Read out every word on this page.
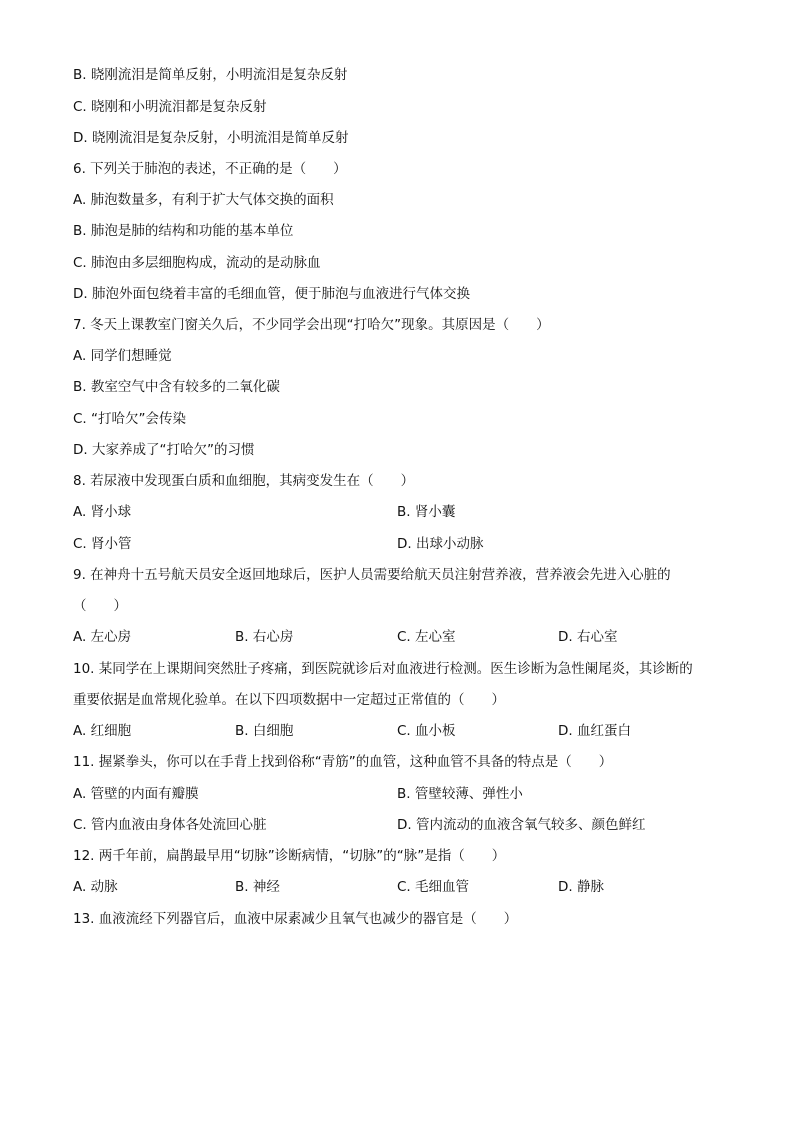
B. 晓刚流泪是简单反射，小明流泪是复杂反射
C. 晓刚和小明流泪都是复杂反射
D. 晓刚流泪是复杂反射，小明流泪是简单反射
6. 下列关于肺泡的表述，不正确的是（　　）
A. 肺泡数量多，有利于扩大气体交换的面积
B. 肺泡是肺的结构和功能的基本单位
C. 肺泡由多层细胞构成，流动的是动脉血
D. 肺泡外面包绕着丰富的毛细血管，便于肺泡与血液进行气体交换
7. 冬天上课教室门窗关久后，不少同学会出现“打哈欠”现象。其原因是（　　）
A. 同学们想睡觉
B. 教室空气中含有较多的二氧化碳
C. “打哈欠”会传染
D. 大家养成了“打哈欠”的习惯
8. 若尿液中发现蛋白质和血细胞，其病变发生在（　　）
A. 肾小球	B. 肾小囊
C. 肾小管	D. 出球小动脉
9. 在神舟十五号航天员安全返回地球后，医护人员需要给航天员注射营养液，营养液会先进入心脏的
（　　）
A. 左心房	B. 右心房	C. 左心室	D. 右心室
10. 某同学在上课期间突然肚子疼痛，到医院就诊后对血液进行检测。医生诊断为急性阑尾炎，其诊断的
重要依据是血常规化验单。在以下四项数据中一定超过正常值的（　　）
A. 红细胞	B. 白细胞	C. 血小板	D. 血红蛋白
11. 握紧拳头，你可以在手背上找到俗称“青筋”的血管，这种血管不具备的特点是（　　）
A. 管壁的内面有瓣膜	B. 管壁较薄、弹性小
C. 管内血液由身体各处流回心脏	D. 管内流动的血液含氧气较多、颜色鲜红
12. 两千年前，扁鹊最早用“切脉”诊断病情，“切脉”的“脉”是指（　　）
A. 动脉	B. 神经	C. 毛细血管	D. 静脉
13. 血液流经下列器官后，血液中尿素减少且氧气也减少的器官是（　　）
